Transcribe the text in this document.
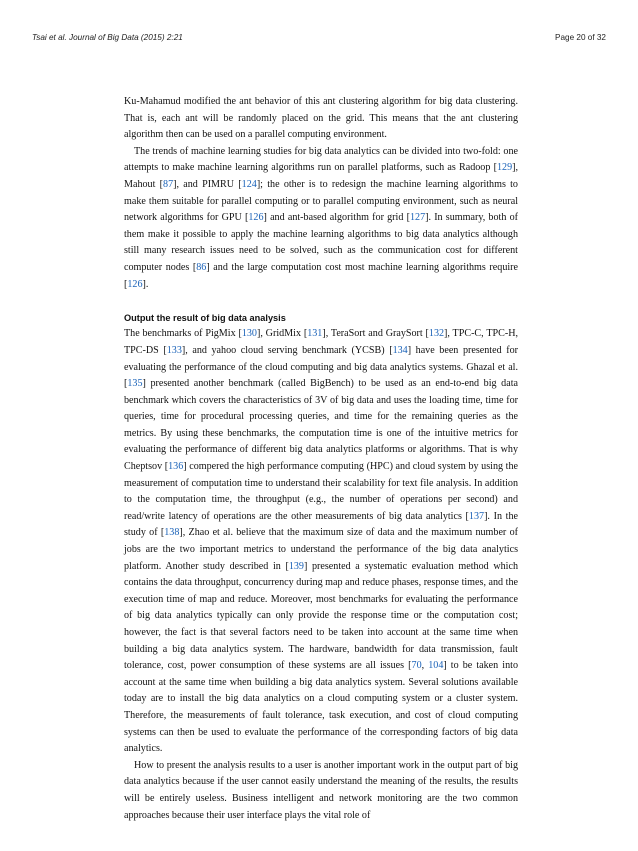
Tsai et al. Journal of Big Data (2015) 2:21	Page 20 of 32

Ku-Mahamud modified the ant behavior of this ant clustering algorithm for big data clustering. That is, each ant will be randomly placed on the grid. This means that the ant clustering algorithm then can be used on a parallel computing environment.

The trends of machine learning studies for big data analytics can be divided into two-fold: one attempts to make machine learning algorithms run on parallel platforms, such as Radoop [129], Mahout [87], and PIMRU [124]; the other is to redesign the machine learning algorithms to make them suitable for parallel computing or to parallel computing environment, such as neural network algorithms for GPU [126] and ant-based algorithm for grid [127]. In summary, both of them make it possible to apply the machine learning algorithms to big data analytics although still many research issues need to be solved, such as the communication cost for different computer nodes [86] and the large computation cost most machine learning algorithms require [126].

Output the result of big data analysis

The benchmarks of PigMix [130], GridMix [131], TeraSort and GraySort [132], TPC-C, TPC-H, TPC-DS [133], and yahoo cloud serving benchmark (YCSB) [134] have been presented for evaluating the performance of the cloud computing and big data analytics systems. Ghazal et al. [135] presented another benchmark (called BigBench) to be used as an end-to-end big data benchmark which covers the characteristics of 3V of big data and uses the loading time, time for queries, time for procedural processing queries, and time for the remaining queries as the metrics. By using these benchmarks, the computation time is one of the intuitive metrics for evaluating the performance of different big data analytics platforms or algorithms. That is why Cheptsov [136] compered the high performance computing (HPC) and cloud system by using the measurement of computation time to understand their scalability for text file analysis. In addition to the computation time, the throughput (e.g., the number of operations per second) and read/write latency of operations are the other measurements of big data analytics [137]. In the study of [138], Zhao et al. believe that the maximum size of data and the maximum number of jobs are the two important metrics to understand the performance of the big data analytics platform. Another study described in [139] presented a systematic evaluation method which contains the data throughput, concurrency during map and reduce phases, response times, and the execution time of map and reduce. Moreover, most benchmarks for evaluating the performance of big data analytics typically can only provide the response time or the computation cost; however, the fact is that several factors need to be taken into account at the same time when building a big data analytics system. The hardware, bandwidth for data transmission, fault tolerance, cost, power consumption of these systems are all issues [70, 104] to be taken into account at the same time when building a big data analytics system. Several solutions available today are to install the big data analytics on a cloud computing system or a cluster system. Therefore, the measurements of fault tolerance, task execution, and cost of cloud computing systems can then be used to evaluate the performance of the corresponding factors of big data analytics.

How to present the analysis results to a user is another important work in the output part of big data analytics because if the user cannot easily understand the meaning of the results, the results will be entirely useless. Business intelligent and network monitoring are the two common approaches because their user interface plays the vital role of
